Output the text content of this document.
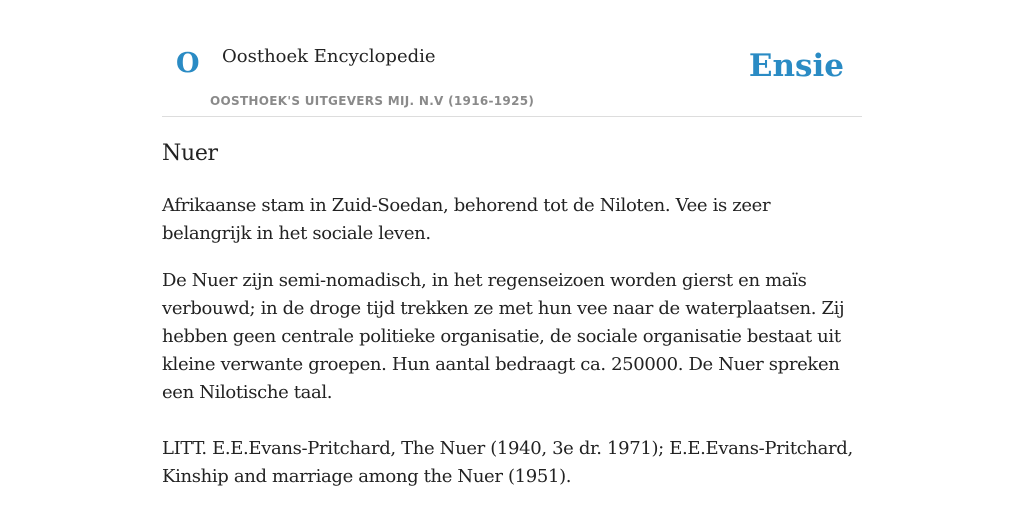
O Oosthoek Encyclopedie
OOSTHOEK'S UITGEVERS MIJ. N.V (1916-1925)
Ensie
Nuer

Afrikaanse stam in Zuid-Soedan, behorend tot de Niloten. Vee is zeer belangrijk in het sociale leven.

De Nuer zijn semi-nomadisch, in het regenseizoen worden gierst en maïs verbouwd; in de droge tijd trekken ze met hun vee naar de waterplaatsen. Zij hebben geen centrale politieke organisatie, de sociale organisatie bestaat uit kleine verwante groepen. Hun aantal bedraagt ca. 250000. De Nuer spreken een Nilotische taal.

LITT. E.E.Evans-Pritchard, The Nuer (1940, 3e dr. 1971); E.E.Evans-Pritchard, Kinship and marriage among the Nuer (1951).
